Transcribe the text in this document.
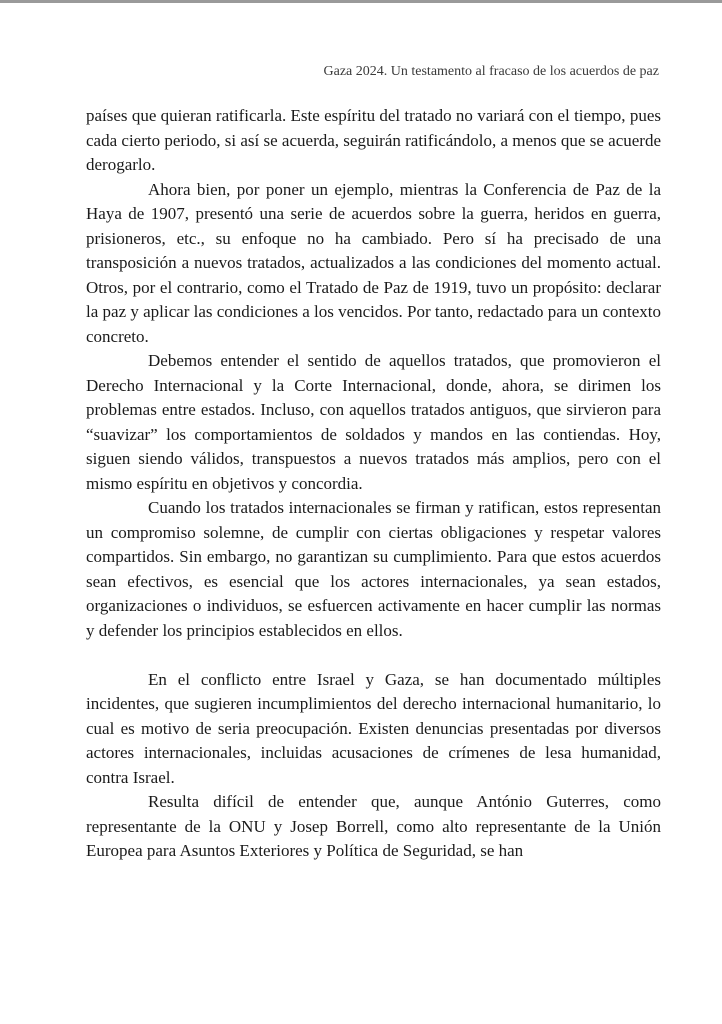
Gaza 2024. Un testamento al fracaso de los acuerdos de paz

países que quieran ratificarla. Este espíritu del tratado no variará con el tiempo, pues cada cierto periodo, si así se acuerda, seguirán ratificándolo, a menos que se acuerde derogarlo.

Ahora bien, por poner un ejemplo, mientras la Conferencia de Paz de la Haya de 1907, presentó una serie de acuerdos sobre la guerra, heridos en guerra, prisioneros, etc., su enfoque no ha cambiado. Pero sí ha precisado de una transposición a nuevos tratados, actualizados a las condiciones del momento actual. Otros, por el contrario, como el Tratado de Paz de 1919, tuvo un propósito: declarar la paz y aplicar las condiciones a los vencidos. Por tanto, redactado para un contexto concreto.

Debemos entender el sentido de aquellos tratados, que promovieron el Derecho Internacional y la Corte Internacional, donde, ahora, se dirimen los problemas entre estados. Incluso, con aquellos tratados antiguos, que sirvieron para “suavizar” los comportamientos de soldados y mandos en las contiendas. Hoy, siguen siendo válidos, transpuestos a nuevos tratados más amplios, pero con el mismo espíritu en objetivos y concordia.

Cuando los tratados internacionales se firman y ratifican, estos representan un compromiso solemne, de cumplir con ciertas obligaciones y respetar valores compartidos. Sin embargo, no garantizan su cumplimiento. Para que estos acuerdos sean efectivos, es esencial que los actores internacionales, ya sean estados, organizaciones o individuos, se esfuercen activamente en hacer cumplir las normas y defender los principios establecidos en ellos.

En el conflicto entre Israel y Gaza, se han documentado múltiples incidentes, que sugieren incumplimientos del derecho internacional humanitario, lo cual es motivo de seria preocupación. Existen denuncias presentadas por diversos actores internacionales, incluidas acusaciones de crímenes de lesa humanidad, contra Israel.

Resulta difícil de entender que, aunque António Guterres, como representante de la ONU y Josep Borrell, como alto representante de la Unión Europea para Asuntos Exteriores y Política de Seguridad, se han
